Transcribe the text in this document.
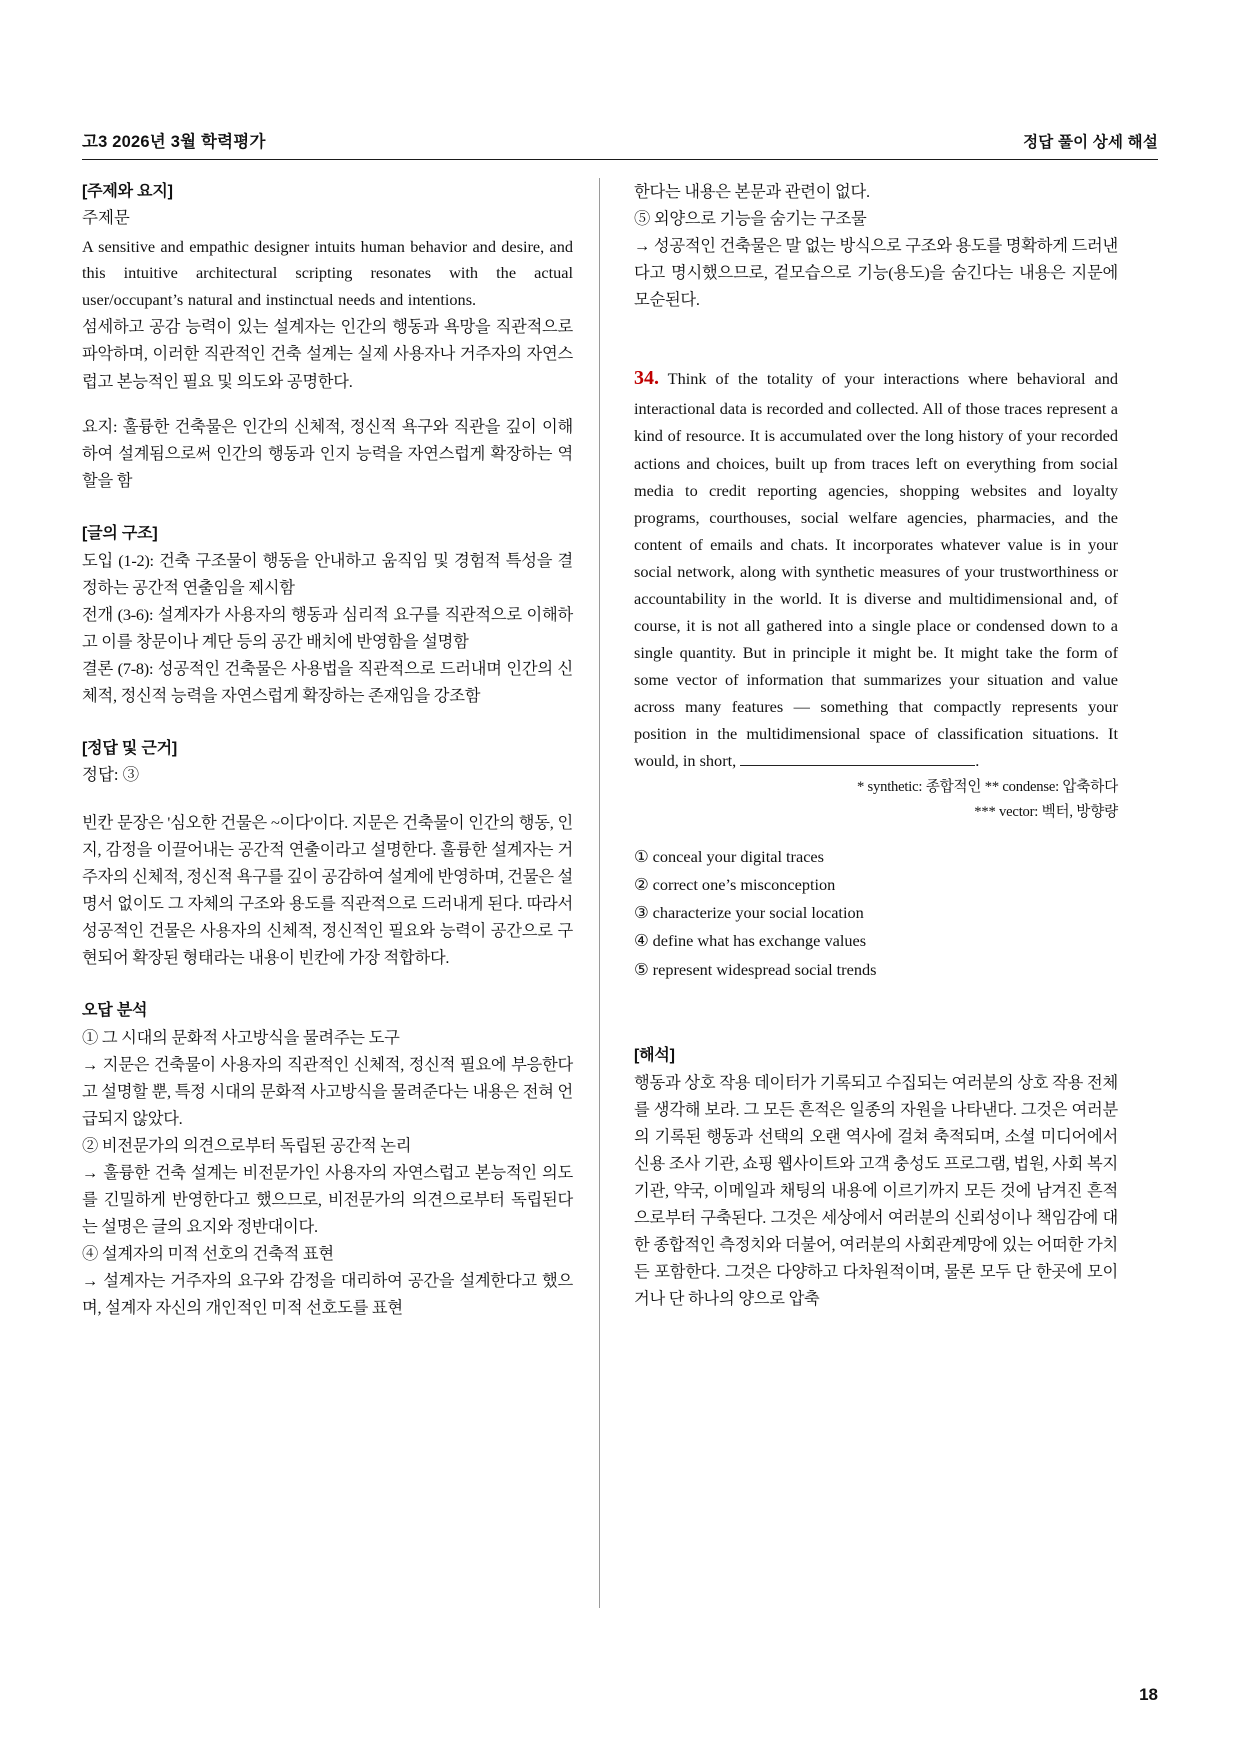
고3 2026년 3월 학력평가	정답 풀이 상세 해설
[주제와 요지]
주제문

A sensitive and empathic designer intuits human behavior and desire, and this intuitive architectural scripting resonates with the actual user/occupant’s natural and instinctual needs and intentions.

섬세하고 공감 능력이 있는 설계자는 인간의 행동과 욕망을 직관적으로 파악하며, 이러한 직관적인 건축 설계는 실제 사용자나 거주자의 자연스럽고 본능적인 필요 및 의도와 공명한다.

요지: 훌륭한 건축물은 인간의 신체적, 정신적 욕구와 직관을 깊이 이해하여 설계됨으로써 인간의 행동과 인지 능력을 자연스럽게 확장하는 역할을 함

[글의 구조]

도입 (1-2): 건축 구조물이 행동을 안내하고 움직임 및 경험적 특성을 결정하는 공간적 연출임을 제시함

전개 (3-6): 설계자가 사용자의 행동과 심리적 요구를 직관적으로 이해하고 이를 창문이나 계단 등의 공간 배치에 반영함을 설명함

결론 (7-8): 성공적인 건축물은 사용법을 직관적으로 드러내며 인간의 신체적, 정신적 능력을 자연스럽게 확장하는 존재임을 강조함

[정답 및 근거]
정답: ③

빈칸 문장은 '심오한 건물은 ~이다'이다. 지문은 건축물이 인간의 행동, 인지, 감정을 이끌어내는 공간적 연출이라고 설명한다. 훌륭한 설계자는 거주자의 신체적, 정신적 욕구를 깊이 공감하여 설계에 반영하며, 건물은 설명서 없이도 그 자체의 구조와 용도를 직관적으로 드러내게 된다. 따라서 성공적인 건물은 사용자의 신체적, 정신적인 필요와 능력이 공간으로 구현되어 확장된 형태라는 내용이 빈칸에 가장 적합하다.

오답 분석

① 그 시대의 문화적 사고방식을 물려주는 도구

→ 지문은 건축물이 사용자의 직관적인 신체적, 정신적 필요에 부응한다고 설명할 뿐, 특정 시대의 문화적 사고방식을 물려준다는 내용은 전혀 언급되지 않았다.

② 비전문가의 의견으로부터 독립된 공간적 논리

→ 훌륭한 건축 설계는 비전문가인 사용자의 자연스럽고 본능적인 의도를 긴밀하게 반영한다고 했으므로, 비전문가의 의견으로부터 독립된다는 설명은 글의 요지와 정반대이다.

④ 설계자의 미적 선호의 건축적 표현

→ 설계자는 거주자의 요구와 감정을 대리하여 공간을 설계한다고 했으며, 설계자 자신의 개인적인 미적 선호도를 표현

한다는 내용은 본문과 관련이 없다.

⑤ 외양으로 기능을 숨기는 구조물

→ 성공적인 건축물은 말 없는 방식으로 구조와 용도를 명확하게 드러낸다고 명시했으므로, 겉모습으로 기능(용도)을 숨긴다는 내용은 지문에 모순된다.

34. Think of the totality of your interactions where behavioral and interactional data is recorded and collected. All of those traces represent a kind of resource. It is accumulated over the long history of your recorded actions and choices, built up from traces left on everything from social media to credit reporting agencies, shopping websites and loyalty programs, courthouses, social welfare agencies, pharmacies, and the content of emails and chats. It incorporates whatever value is in your social network, along with synthetic measures of your trustworthiness or accountability in the world. It is diverse and multidimensional and, of course, it is not all gathered into a single place or condensed down to a single quantity. But in principle it might be. It might take the form of some vector of information that summarizes your situation and value across many features — something that compactly represents your position in the multidimensional space of classification situations. It would, in short,	.

* synthetic: 종합적인 ** condense: 압축하다

*** vector: 벡터, 방향량

① conceal your digital traces
② correct one’s misconception
③ characterize your social location
④ define what has exchange values
⑤ represent widespread social trends
[해석]

행동과 상호 작용 데이터가 기록되고 수집되는 여러분의 상호 작용 전체를 생각해 보라. 그 모든 흔적은 일종의 자원을 나타낸다. 그것은 여러분의 기록된 행동과 선택의 오랜 역사에 걸쳐 축적되며, 소셜 미디어에서 신용 조사 기관, 쇼핑 웹사이트와 고객 충성도 프로그램, 법원, 사회 복지 기관, 약국, 이메일과 채팅의 내용에 이르기까지 모든 것에 남겨진 흔적으로부터 구축된다. 그것은 세상에서 여러분의 신뢰성이나 책임감에 대한 종합적인 측정치와 더불어, 여러분의 사회관계망에 있는 어떠한 가치든 포함한다. 그것은 다양하고 다차원적이며, 물론 모두 단 한곳에 모이거나 단 하나의 양으로 압축

18
